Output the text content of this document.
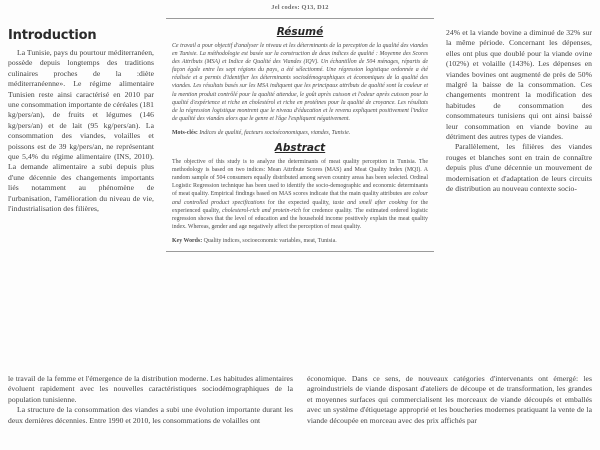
Jel codes: Q13, D12
Introduction

La Tunisie, pays du pourtour méditerranéen, possède depuis longtemps des traditions culinaires proches de la :diète méditerranéenne». Le régime alimentaire Tunisien reste ainsi caractérisé en 2010 par une consommation importante de céréales (181 kg/pers/an), de fruits et légumes (146 kg/pers/an) et de lait (95 kg/pers/an). La consommation des viandes, volailles et poissons est de 39 kg/pers/an, ne représentant que 5,4% du régime alimentaire (INS, 2010). La demande alimentaire a subi depuis plus d'une décennie des changements importants liés notamment au phénomène de l'urbanisation, l'amélioration du niveau de vie, l'industrialisation des filières,

Résumé

Ce travail a pour objectif d'analyser le niveau et les déterminants de la perception de la qualité des viandes en Tunisie. La méthodologie est basée sur la construction de deux indices de qualité : Moyenne des Scores des Attributs (MSA) et Indice de Qualité des Viandes (IQV). Un échantillon de 504 ménages, répartis de façon égale entre les sept régions du pays, a été sélectionné. Une régression logistique ordonnée a été réalisée et a permis d'identifier les déterminants sociodémographiques et économiques de la qualité des viandes. Les résultats basés sur les MSA indiquent que les principaux attributs de qualité sont la couleur et la mention produit contrôlé pour la qualité attendue, le goût après cuisson et l'odeur après cuisson pour la qualité d'expérience et riche en cholestérol et riche en protéines pour la qualité de croyance. Les résultats de la régression logistique montrent que le niveau d'éducation et le revenu expliquent positivement l'indice de qualité des viandes alors que le genre et l'âge l'expliquent négativement.

Mots-clés: Indices de qualité, facteurs socioéconomiques, viandes, Tunisie.

Abstract

The objective of this study is to analyze the determinants of meat quality perception in Tunisia. The methodology is based on two indices: Mean Attribute Scores (MAS) and Meat Quality Index (MQI). A random sample of 504 consumers equally distributed among seven country areas has been selected. Ordinal Logistic Regression technique has been used to identify the socio-demographic and economic determinants of meat quality. Empirical findings based on MAS scores indicate that the main quality attributes are colour and controlled product specifications for the expected quality, taste and smell after cooking for the experienced quality, cholesterol-rich and protein-rich for credence quality. The estimated ordered logistic regression shows that the level of education and the household income positively explain the meat quality index. Whereas, gender and age negatively affect the perception of meat quality.

Key Words: Quality indices, socioeconomic variables, meat, Tunisia.

24% et la viande bovine a diminué de 32% sur la même période. Concernant les dépenses, elles ont plus que doublé pour la viande ovine (102%) et volaille (143%). Les dépenses en viandes bovines ont augmenté de près de 50% malgré la baisse de la consommation. Ces changements montrent la modification des habitudes de consommation des consommateurs tunisiens qui ont ainsi baissé leur consommation en viande bovine au détriment des autres types de viandes.

Parallèlement, les filières des viandes rouges et blanches sont en train de connaître depuis plus d'une décennie un mouvement de modernisation et d'adaptation de leurs circuits de distribution au nouveau contexte socio-

le travail de la femme et l'émergence de la distribution moderne. Les habitudes alimentaires évoluent rapidement avec les nouvelles caractéristiques sociodémographiques de la population tunisienne.

La structure de la consommation des viandes a subi une évolution importante durant les deux dernières décennies. Entre 1990 et 2010, les consommations de volailles ont

économique. Dans ce sens, de nouveaux catégories d'intervenants ont émergé: les agroindustriels de viande disposant d'ateliers de découpe et de transformation, les grandes et moyennes surfaces qui commercialisent les morceaux de viande découpés et emballés avec un système d'étiquetage approprié et les boucheries modernes pratiquant la vente de la viande découpée en morceau avec des prix affichés par
